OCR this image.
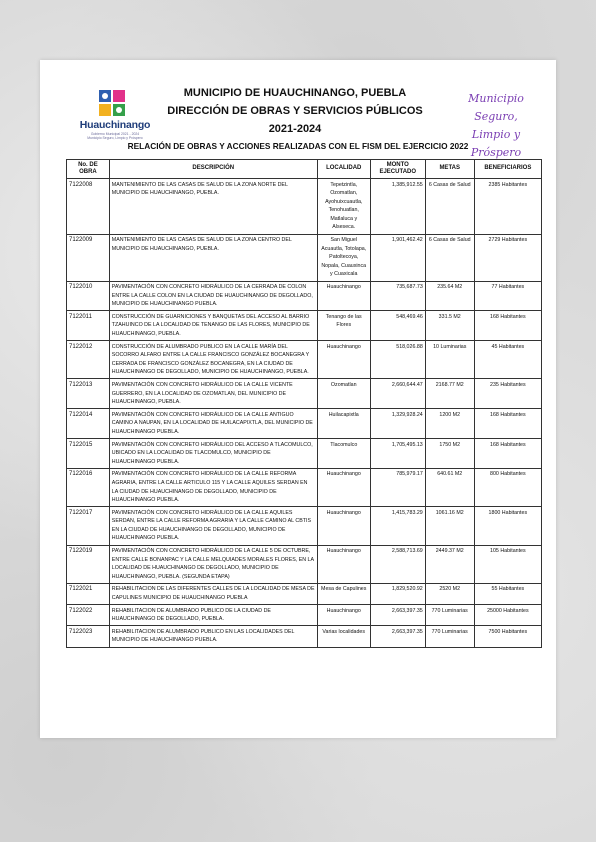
Huauchinango
Gobierno Municipal 2021 - 2024
Municipio Seguro, Limpio y Próspero
MUNICIPIO DE HUAUCHINANGO, PUEBLA
DIRECCIÓN DE OBRAS Y SERVICIOS PÚBLICOS
2021-2024
Municipio Seguro,
Limpio y Próspero
RELACIÓN DE OBRAS Y ACCIONES REALIZADAS CON EL FISM DEL EJERCICIO 2022
No. DE OBRA	DESCRIPCIÓN	LOCALIDAD	MONTO EJECUTADO	METAS	BENEFICIARIOS
7122008	MANTENIMIENTO DE LAS CASAS DE SALUD DE LA ZONA NORTE DEL MUNICIPIO DE HUAUCHINANGO, PUEBLA.	Tepetzintla, Ozomatlan, Ayohuixcuautla, Tenohuatlan, Matlaluca y Alseseca.	1,385,912.55	6 Casas de Salud	2385 Habitantes
7122009	MANTENIMIENTO DE LAS CASAS DE SALUD DE LA ZONA CENTRO DEL MUNICIPIO DE HUAUCHINANGO, PUEBLA.	San Miguel Acuautla, Totolapa, Patoltecoya, Nopala, Cuauxinca y Cuaxicala	1,901,462.42	6 Casas de Salud	2729 Habitantes
7122010	PAVIMENTACIÓN CON CONCRETO HIDRÁULICO DE LA CERRADA DE COLON ENTRE LA CALLE COLON EN LA CIUDAD DE HUAUCHINANGO DE DEGOLLADO, MUNICIPIO DE HUAUCHINANGO PUEBLA.	Huauchinango	735,687.73	235.64 M2	77 Habitantes
7122011	CONSTRUCCIÓN DE GUARNICIONES Y BANQUETAS DEL ACCESO AL BARRIO TZAHUINCO DE LA LOCALIDAD DE TENANGO DE LAS FLORES, MUNICIPIO DE HUAUCHINANGO, PUEBLA.	Tenango de las Flores	548,469.46	331.5 M2	168 Habitantes
7122012	CONSTRUCCIÓN DE ALUMBRADO PUBLICO EN LA CALLE MARÍA DEL SOCORRO ALFARO ENTRE LA CALLE FRANCISCO GONZÁLEZ BOCANEGRA Y CERRADA DE FRANCISCO GONZÁLEZ BOCANEGRA, EN LA CIUDAD DE HUAUCHINANGO DE DEGOLLADO, MUNICIPIO DE HUAUCHINANGO, PUEBLA.	Huauchinango	518,026.88	10 Luminarias	45 Habitantes
7122013	PAVIMENTACIÓN CON CONCRETO HIDRÁULICO DE LA CALLE VICENTE GUERRERO, EN LA LOCALIDAD DE OZOMATLAN, DEL MUNICIPIO DE HUAUCHINANGO, PUEBLA.	Ozomatlan	2,660,644.47	2168.77 M2	235 Habitantes
7122014	PAVIMENTACIÓN CON CONCRETO HIDRÁULICO DE LA CALLE ANTIGUO CAMINO A NAUPAN, EN LA LOCALIDAD DE HUILACAPIXTLA, DEL MUNICIPIO DE HUAUCHINANGO PUEBLA.	Huilacapixtla	1,329,928.24	1200 M2	168 Habitantes
7122015	PAVIMENTACIÓN CON CONCRETO HIDRÁULICO DEL ACCESO A TLACOMULCO, UBICADO EN LA LOCALIDAD DE TLACOMULCO, MUNICIPIO DE HUAUCHINANGO PUEBLA.	Tlacomulco	1,705,495.13	1750 M2	168 Habitantes
7122016	PAVIMENTACIÓN CON CONCRETO HIDRÁULICO DE LA CALLE REFORMA AGRARIA, ENTRE LA CALLE ARTICULO 115 Y LA CALLE AQUILES SERDAN EN LA CIUDAD DE HUAUCHINANGO DE DEGOLLADO, MUNICIPIO DE HUAUCHINANGO PUEBLA.	Huauchinango	785,979.17	640.61 M2	800 Habitantes
7122017	PAVIMENTACIÓN CON CONCRETO HIDRÁULICO DE LA CALLE AQUILES SERDAN, ENTRE LA CALLE REFORMA AGRARIA Y LA CALLE CAMINO AL CBTIS EN LA CIUDAD DE HUAUCHINANGO DE DEGOLLADO, MUNICIPIO DE HUAUCHINANGO PUEBLA.	Huauchinango	1,415,783.29	1061.16 M2	1800 Habitantes
7122019	PAVIMENTACIÓN CON CONCRETO HIDRÁULICO DE LA CALLE 5 DE OCTUBRE, ENTRE CALLE BONANPAC Y LA CALLE MELQUIADES MORALES FLORES, EN LA LOCALIDAD DE HUAUCHINANGO DE DEGOLLADO, MUNICIPIO DE HUAUCHINANGO, PUEBLA. (SEGUNDA ETAPA)	Huauchinango	2,588,713.69	2449.37 M2	105 Habitantes
7122021	REHABILITACION DE LAS DIFERENTES CALLES DE LA LOCALIDAD DE MESA DE CAPULINES MUNICIPIO DE HUAUCHINANGO PUEBLA	Mesa de Capulines	1,829,520.92	2520 M2	55 Habitantes
7122022	REHABILITACION DE ALUMBRADO PUBLICO DE LA CIUDAD DE HUAUCHINANGO DE DEGOLLADO, PUEBLA.	Huauchinango	2,663,397.35	770 Luminarias	25000 Habitantes
7122023	REHABILITACION DE ALUMBRADO PUBLICO EN LAS LOCALIDADES DEL MUNICIPIO DE HUAUCHINANGO PUEBLA.	Varias localidades	2,663,397.35	770 Luminarias	7500 Habitantes
